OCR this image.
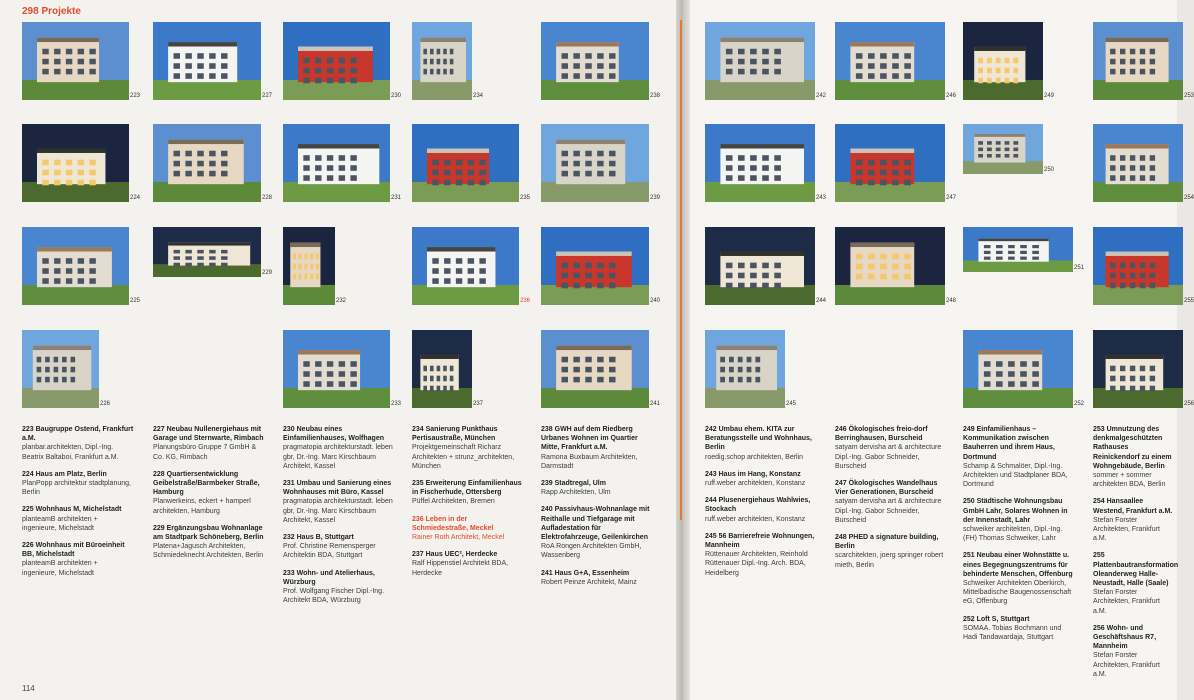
298 Projekte
114
223	227	230	234	238
224	228	231	235	239
225
229
232	236	240
226	233	237	241
242	246	249	253
243	247
250
254
244	248
251
255
245	252	256
223 Baugruppe Ostend, Frankfurt a.M.
planbar.architekten, Dipl.-Ing. Beatrix Baltaboi, Frankfurt a.M.
224 Haus am Platz, Berlin
PlanPopp architektur stadtplanung, Berlin
225 Wohnhaus M, Michelstadt
planteamB architekten + ingenieure, Michelstadt
226 Wohnhaus mit Büroeinheit BB, Michelstadt
planteamB architekten + ingenieure, Michelstadt
227 Neubau Nullenergiehaus mit Garage und Sternwarte, Rimbach
Planungsbüro Gruppe 7 GmbH & Co. KG, Rimbach
228 Quartiersentwicklung Geibelstraße/Barmbeker Straße, Hamburg
Planwerkeins, eckert + hamperl architekten, Hamburg
229 Ergänzungsbau Wohnanlage am Stadtpark Schöneberg, Berlin
Platena+Jagusch Architekten, Schmiedeknecht Architekten, Berlin
230 Neubau eines Einfamilienhauses, Wolfhagen
pragmatopia architekturstadt. leben gbr, Dr.-Ing. Marc Kirschbaum Architekt, Kassel
231 Umbau und Sanierung eines Wohnhauses mit Büro, Kassel
pragmatopia architekturstadt. leben gbr, Dr.-Ing. Marc Kirschbaum Architekt, Kassel
232 Haus B, Stuttgart
Prof. Christine Remensperger Architektin BDA, Stuttgart
233 Wohn- und Atelierhaus, Würzburg
Prof. Wolfgang Fischer Dipl.-Ing. Architekt BDA, Würzburg
234 Sanierung Punkthaus Pertisaustraße, München
Projektgemeinschaft Richarz Architekten + strunz_architekten, München
235 Erweiterung Einfamilienhaus in Fischerhude, Ottersberg
Püffel Architekten, Bremen
236 Leben in der Schmiedestraße, Meckel
Rainer Roth Architekt, Meckel
237 Haus UEC², Herdecke
Ralf Hippenstiel Architekt BDA, Herdecke
238 GWH auf dem Riedberg Urbanes Wohnen im Quartier Mitte, Frankfurt a.M.
Ramona Buxbaum Architekten, Darmstadt
239 Stadtregal, Ulm
Rapp Architekten, Ulm
240 Passivhaus-Wohnanlage mit Reithalle und Tiefgarage mit Aufladestation für Elektrofahrzeuge, Geilenkirchen
RoA Rongen Architekten GmbH, Wassenberg
241 Haus G+A, Essenheim
Robert Peinze Architekt, Mainz
242 Umbau ehem. KITA zur Beratungsstelle und Wohnhaus, Berlin
roedig.schop architekten, Berlin
243 Haus im Hang, Konstanz
ruff.weber architekten, Konstanz
244 Plusenergiehaus Wahlwies, Stockach
ruff.weber architekten, Konstanz
245 56 Barrierefreie Wohnungen, Mannheim
Rüttenauer Architekten, Reinhold Rüttenauer Dipl.-Ing. Arch. BDA, Heidelberg
246 Ökologisches freio-dorf Berringhausen, Burscheid
satyam dervisha art & architecture Dipl.-Ing. Gabor Schneider, Burscheid
247 Ökologisches Wandelhaus Vier Generationen, Burscheid
satyam dervisha art & architecture Dipl.-Ing. Gabor Schneider, Burscheid
248 PHED a signature building, Berlin
scarchitekten, joerg springer robert mieth, Berlin
249 Einfamilienhaus – Kommunikation zwischen Bauherren und ihrem Haus, Dortmund
Schamp & Schmalöer, Dipl.-Ing. Architekten und Stadtplaner BDA, Dortmund
250 Städtische Wohnungsbau GmbH Lahr, Solares Wohnen in der Innenstadt, Lahr
schweiker architekten, Dipl.-Ing. (FH) Thomas Schweiker, Lahr
251 Neubau einer Wohnstätte u. eines Begegnungszentrums für behinderte Menschen, Offenburg
Schweiker Architekten Oberkirch, Mittelbadische Baugenossenschaft eG, Offenburg
252 Loft S, Stuttgart
SOMAA. Tobias Bochmann und Hadi Tandawardaja, Stuttgart
253 Umnutzung des denkmalgeschützten Rathauses Reinickendorf zu einem Wohngebäude, Berlin
sommer + sommer architekten BDA, Berlin
254 Hansaallee Westend, Frankfurt a.M.
Stefan Forster Architekten, Frankfurt a.M.
255 Plattenbautransformation Oleanderweg Halle-Neustadt, Halle (Saale)
Stefan Forster Architekten, Frankfurt a.M.
256 Wohn- und Geschäftshaus R7, Mannheim
Stefan Forster Architekten, Frankfurt a.M.
